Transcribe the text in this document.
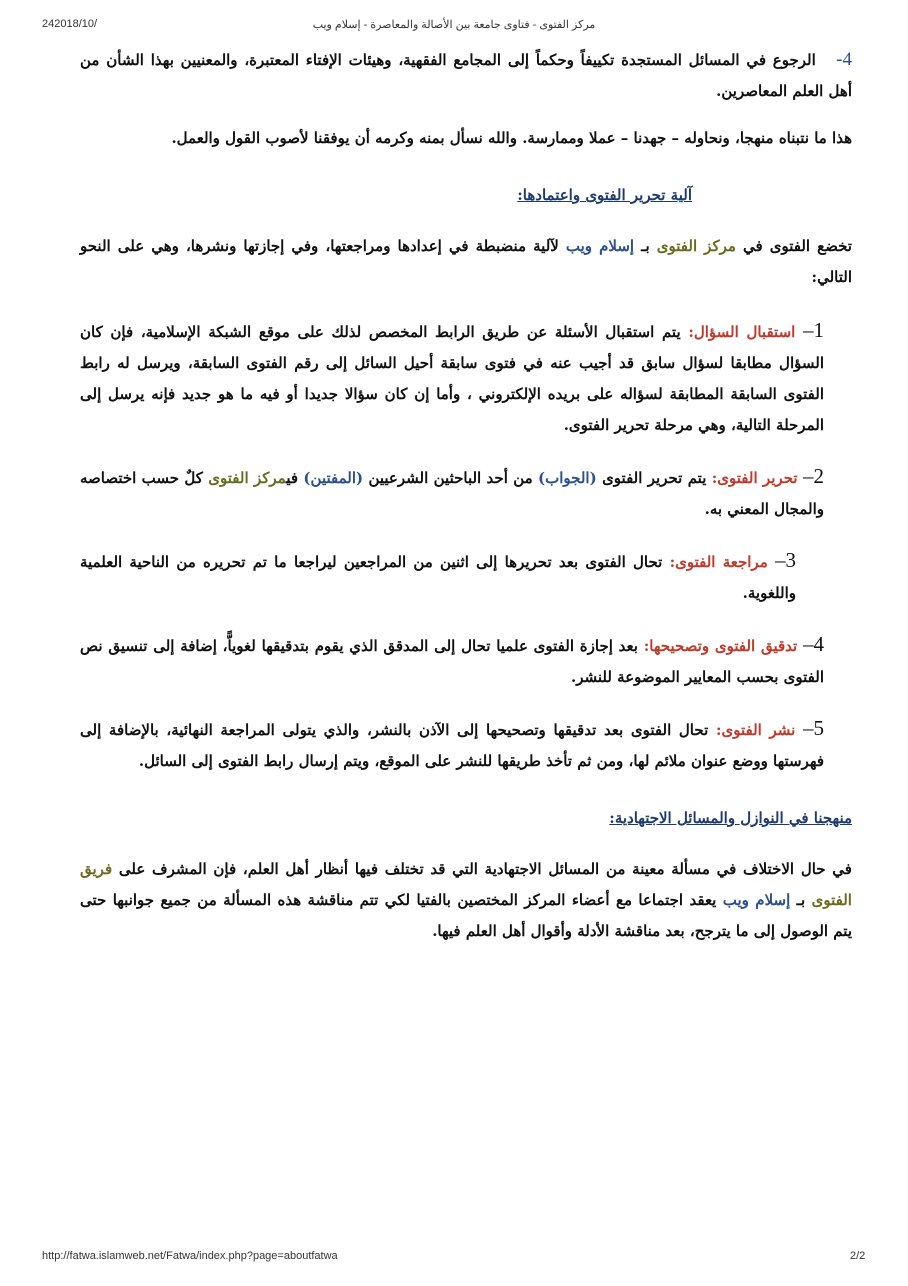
242018/10/	مركز الفتوى - فتاوى جامعة بين الأصالة والمعاصرة - إسلام ويب

4-   الرجوع في المسائل المستجدة تكييفاً وحكماً إلى المجامع الفقهية، وهيئات الإفتاء المعتبرة، والمعنيين بهذا الشأن من أهل العلم المعاصرين.

هذا ما نتبناه منهجا، ونحاوله – جهدنا – عملا وممارسة. والله نسأل بمنه وكرمه أن يوفقنا لأصوب القول والعمل.

آلية تحرير الفتوى واعتمادها:

تخضع الفتوى في مركز الفتوى بـ إسلام ويب لآلية منضبطة في إعدادها ومراجعتها، وفي إجازتها ونشرها، وهي على النحو التالي:

1– استقبال السؤال: يتم استقبال الأسئلة عن طريق الرابط المخصص لذلك على موقع الشبكة الإسلامية، فإن كان السؤال مطابقا لسؤال سابق قد أجيب عنه في فتوى سابقة أحيل السائل إلى رقم الفتوى السابقة، ويرسل له رابط الفتوى السابقة المطابقة لسؤاله على بريده الإلكتروني ، وأما إن كان سؤالا جديدا أو فيه ما هو جديد فإنه يرسل إلى المرحلة التالية، وهي مرحلة تحرير الفتوى.

2– تحرير الفتوى: يتم تحرير الفتوى (الجواب) من أحد الباحثين الشرعيين (المفتين) فيمركز الفتوى كلٌ حسب اختصاصه والمجال المعني به.

3– مراجعة الفتوى: تحال الفتوى بعد تحريرها إلى اثنين من المراجعين ليراجعا ما تم تحريره من الناحية العلمية واللغوية.

4– تدقيق الفتوى وتصحيحها: بعد إجازة الفتوى علميا تحال إلى المدقق الذي يقوم بتدقيقها لغوياًّ، إضافة إلى تنسيق نص الفتوى بحسب المعايير الموضوعة للنشر.

5– نشر الفتوى: تحال الفتوى بعد تدقيقها وتصحيحها إلى الآذن بالنشر، والذي يتولى المراجعة النهائية، بالإضافة إلى فهرستها ووضع عنوان ملائم لها، ومن ثم تأخذ طريقها للنشر على الموقع، ويتم إرسال رابط الفتوى إلى السائل.

منهجنا في النوازل والمسائل الاجتهادية:

في حال الاختلاف في مسألة معينة من المسائل الاجتهادية التي قد تختلف فيها أنظار أهل العلم، فإن المشرف على فريق الفتوى بـ إسلام ويب يعقد اجتماعا مع أعضاء المركز المختصين بالفتيا لكي تتم مناقشة هذه المسألة من جميع جوانبها حتى يتم الوصول إلى ما يترجح، بعد مناقشة الأدلة وأقوال أهل العلم فيها.

http://fatwa.islamweb.net/Fatwa/index.php?page=aboutfatwa	2/2
